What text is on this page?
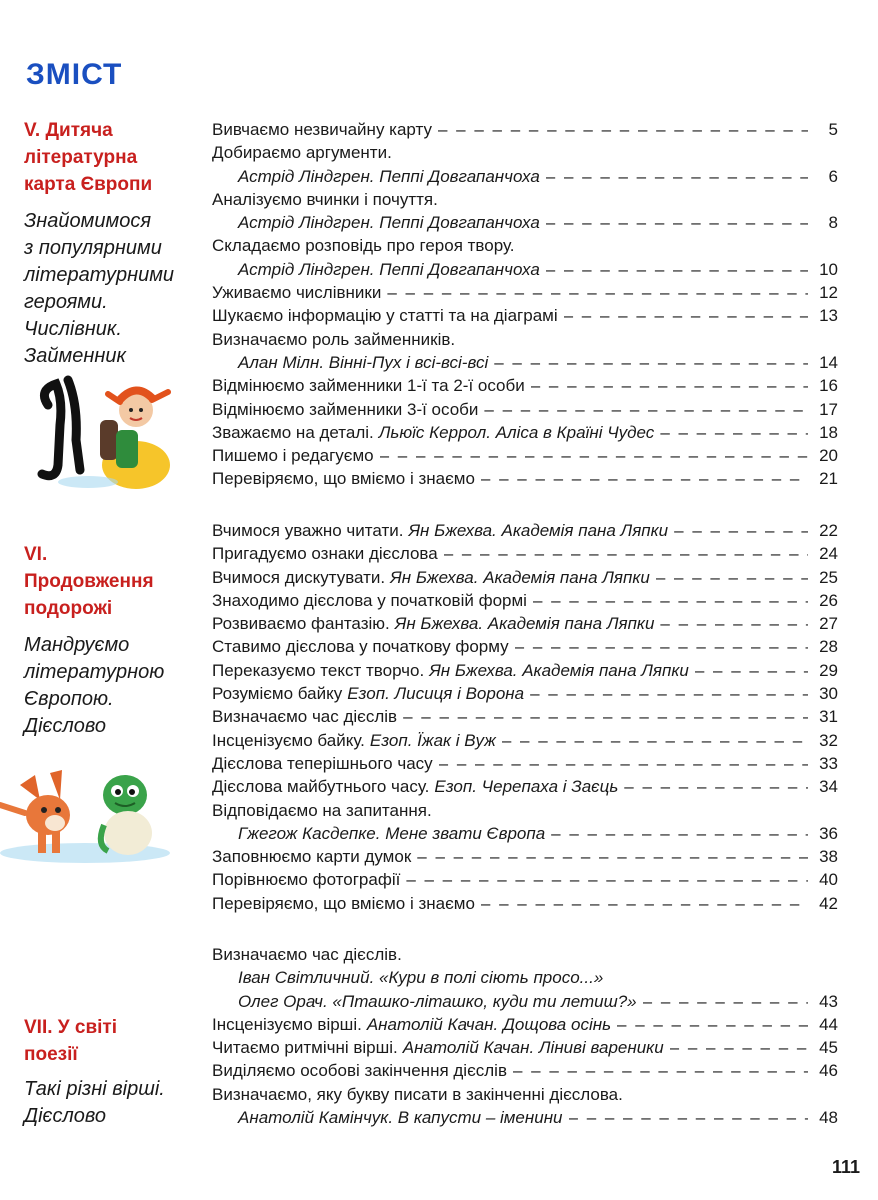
ЗМІСТ
V. Дитяча
літературна
карта Європи
Знайомимося
з популярними
літературними
героями.
Числівник.
Займенник
Вивчаємо незвичайну карту – – –	5
Добираємо аргументи.
Астрід Ліндгрен. Пеппі Довгапанчоха – – –	6
Аналізуємо вчинки і почуття.
Астрід Ліндгрен. Пеппі Довгапанчоха – – –	8
Складаємо розповідь про героя твору.
Астрід Ліндгрен. Пеппі Довгапанчоха – – –	10
Уживаємо числівники – – –	12
Шукаємо інформацію у статті та на діаграмі – – –	13
Визначаємо роль займенників.
Алан Мілн. Вінні-Пух і всі-всі-всі – – –	14
Відмінюємо займенники 1-ї та 2-ї особи – – –	16
Відмінюємо займенники 3-ї особи – – –	17
Зважаємо на деталі. Льюїс Керрол. Аліса в Країні Чудес – – –	18
Пишемо і редагуємо – – –	20
Перевіряємо, що вміємо і знаємо – – –	21
VI.
Продовження
подорожі
Мандруємо
літературною
Європою.
Дієслово
Вчимося уважно читати. Ян Бжехва. Академія пана Ляпки – – –	22
Пригадуємо ознаки дієслова – – –	24
Вчимося дискутувати. Ян Бжехва. Академія пана Ляпки – – –	25
Знаходимо дієслова у початковій формі – – –	26
Розвиваємо фантазію. Ян Бжехва. Академія пана Ляпки – – –	27
Ставимо дієслова у початкову форму – – –	28
Переказуємо текст творчо. Ян Бжехва. Академія пана Ляпки – – –	29
Розуміємо байку Езоп. Лисиця і Ворона – – –	30
Визначаємо час дієслів – – –	31
Інсценізуємо байку. Езоп. Їжак і Вуж – – –	32
Дієслова теперішнього часу – – –	33
Дієслова майбутнього часу. Езоп. Черепаха і Заєць – – –	34
Відповідаємо на запитання.
Гжегож Касдепке. Мене звати Європа – – –	36
Заповнюємо карти думок – – –	38
Порівнюємо фотографії – – –	40
Перевіряємо, що вміємо і знаємо – – –	42
VII. У світі
поезії
Такі різні вірші.
Дієслово
Визначаємо час дієслів.
Іван Світличний. «Кури в полі сіють просо...»
Олег Орач. «Пташко-літашко, куди ти летиш?» – – –	43
Інсценізуємо вірші. Анатолій Качан. Дощова осінь – – –	44
Читаємо ритмічні вірші. Анатолій Качан. Ліниві вареники – – –	45
Виділяємо особові закінчення дієслів – – –	46
Визначаємо, яку букву писати в закінченні дієслова.
Анатолій Камінчук. В капусти – іменини – – –	48
111
